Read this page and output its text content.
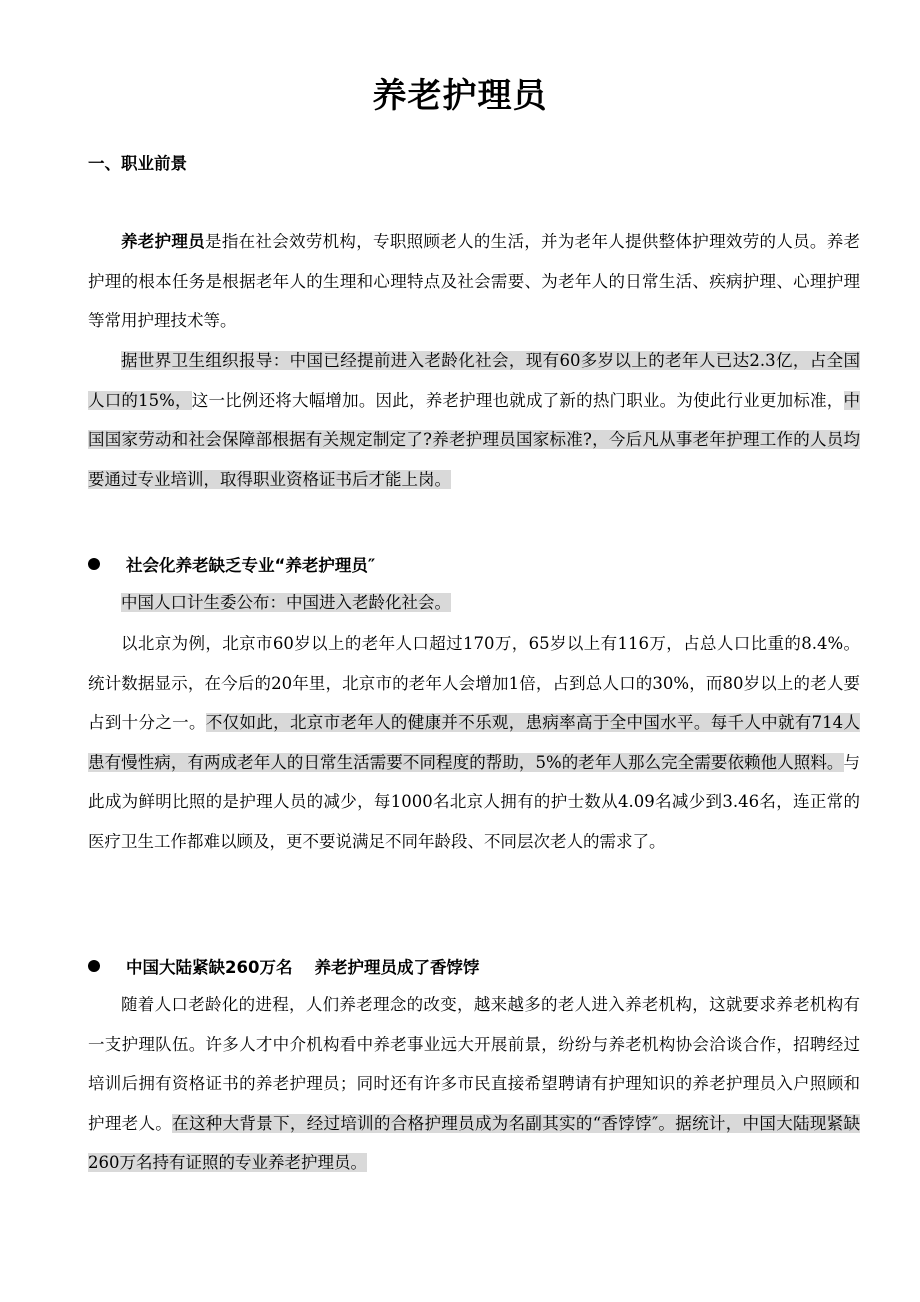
养老护理员
一、职业前景

养老护理员是指在社会效劳机构，专职照顾老人的生活，并为老年人提供整体护理效劳的人员。养老护理的根本任务是根据老年人的生理和心理特点及社会需要、为老年人的日常生活、疾病护理、心理护理等常用护理技术等。

据世界卫生组织报导：中国已经提前进入老龄化社会，现有60多岁以上的老年人已达2.3亿，占全国人口的15%，这一比例还将大幅增加。因此，养老护理也就成了新的热门职业。为使此行业更加标准，中国国家劳动和社会保障部根据有关规定制定了?养老护理员国家标准?，今后凡从事老年护理工作的人员均要通过专业培训，取得职业资格证书后才能上岗。

社会化养老缺乏专业“养老护理员″

中国人口计生委公布：中国进入老龄化社会。

以北京为例，北京市60岁以上的老年人口超过170万，65岁以上有116万，占总人口比重的8.4%。统计数据显示，在今后的20年里，北京市的老年人会增加1倍，占到总人口的30%，而80岁以上的老人要占到十分之一。不仅如此，北京市老年人的健康并不乐观，患病率高于全中国水平。每千人中就有714人患有慢性病，有两成老年人的日常生活需要不同程度的帮助，5%的老年人那么完全需要依赖他人照料。与此成为鲜明比照的是护理人员的减少，每1000名北京人拥有的护士数从4.09名减少到3.46名，连正常的医疗卫生工作都难以顾及，更不要说满足不同年龄段、不同层次老人的需求了。

中国大陆紧缺260万名 养老护理员成了香饽饽

随着人口老龄化的进程，人们养老理念的改变，越来越多的老人进入养老机构，这就要求养老机构有一支护理队伍。许多人才中介机构看中养老事业远大开展前景，纷纷与养老机构协会洽谈合作，招聘经过培训后拥有资格证书的养老护理员；同时还有许多市民直接希望聘请有护理知识的养老护理员入户照顾和护理老人。在这种大背景下，经过培训的合格护理员成为名副其实的“香饽饽″。据统计，中国大陆现紧缺260万名持有证照的专业养老护理员。
